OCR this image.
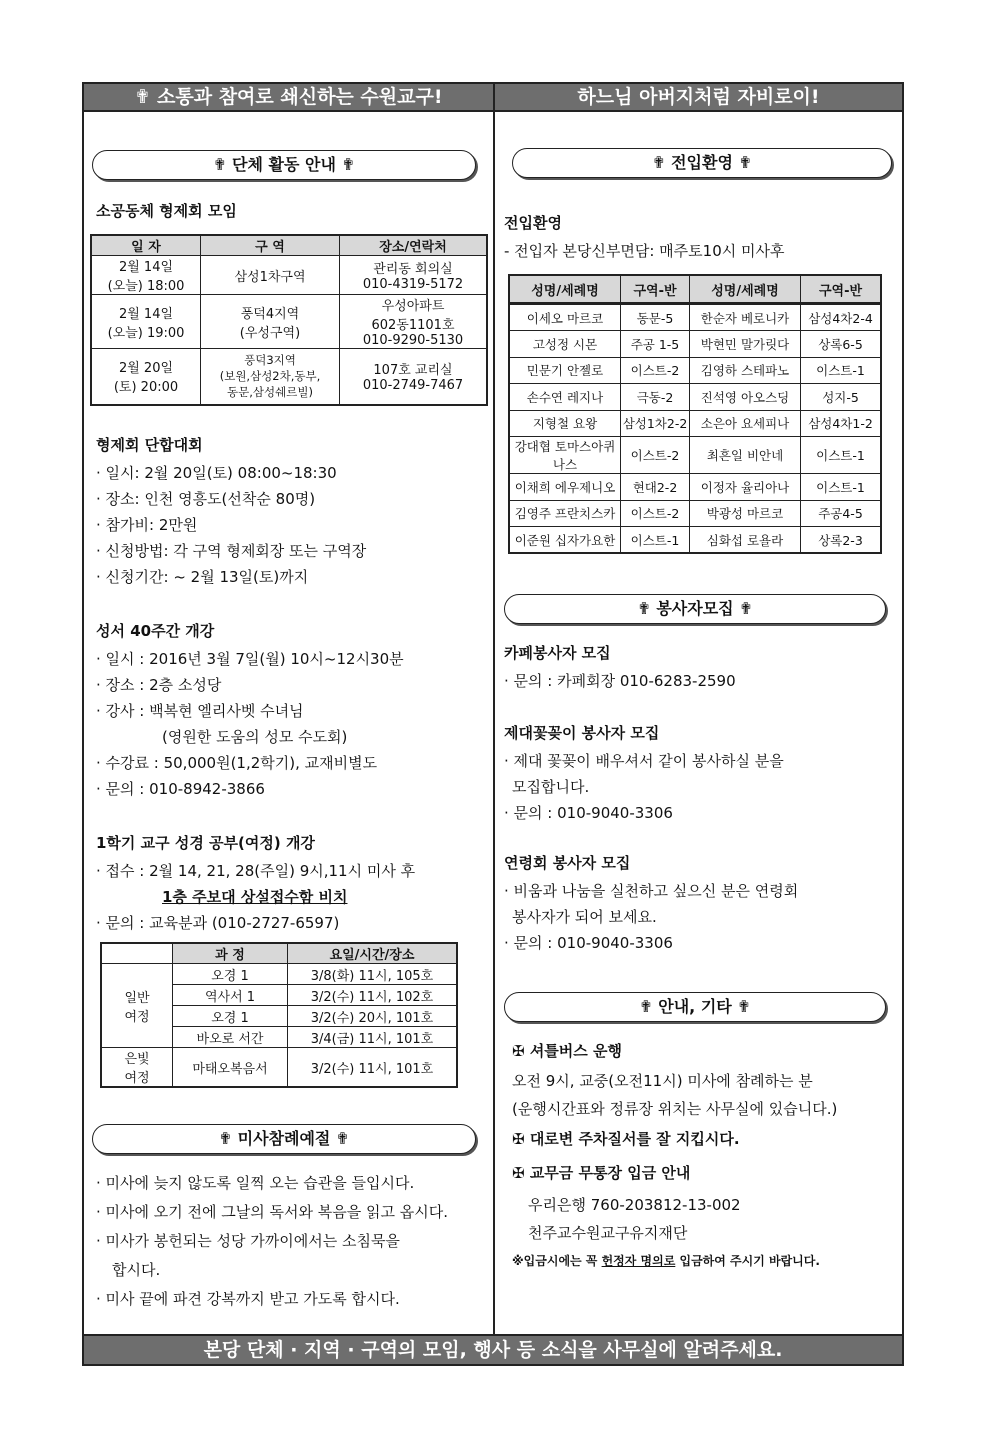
✟ 소통과 참여로 쇄신하는 수원교구!	하느님 아버지처럼 자비로이!
✟ 단체 활동 안내 ✟
소공동체 형제회 모임
일 자	구 역	장소/연락처
2월 14일
(오늘) 18:00	삼성1차구역	관리동 회의실
010-4319-5172
2월 14일
(오늘) 19:00	풍덕4지역
(우성구역)	우성아파트
602동1101호
010-9290-5130
2월 20일
(토) 20:00	풍덕3지역
(보원,삼성2차,동부,
동문,삼성쉐르빌)	107호 교리실
010-2749-7467
형제회 단합대회
· 일시: 2월 20일(토) 08:00~18:30
· 장소: 인천 영흥도(선착순 80명)
· 참가비: 2만원
· 신청방법: 각 구역 형제회장 또는 구역장
· 신청기간: ~ 2월 13일(토)까지
성서 40주간 개강
· 일시 : 2016년 3월 7일(월) 10시~12시30분
· 장소 : 2층 소성당
· 강사 : 백복현 엘리사벳 수녀님
(영원한 도움의 성모 수도회)
· 수강료 : 50,000원(1,2학기), 교재비별도
· 문의 : 010-8942-3866
1학기 교구 성경 공부(여정) 개강
· 접수 : 2월 14, 21, 28(주일) 9시,11시 미사 후
1층 주보대 상설접수함 비치
· 문의 : 교육분과 (010-2727-6597)
	과 정	요일/시간/장소
일반
여정	오경 1	3/8(화) 11시, 105호
	역사서 1	3/2(수) 11시, 102호
	오경 1	3/2(수) 20시, 101호
	바오로 서간	3/4(금) 11시, 101호
은빛
여정	마태오복음서	3/2(수) 11시, 101호
✟ 미사참례예절 ✟
· 미사에 늦지 않도록 일찍 오는 습관을 들입시다.
· 미사에 오기 전에 그날의 독서와 복음을 읽고 옵시다.
· 미사가 봉헌되는 성당 가까이에서는 소침묵을
합시다.
· 미사 끝에 파견 강복까지 받고 가도록 합시다.
✟ 전입환영 ✟
전입환영
- 전입자 본당신부면담: 매주토10시 미사후
성명/세례명	구역-반	성명/세례명	구역-반
이세오 마르코	동문-5	한순자 베로니카	삼성4차2-4
고성정 시몬	주공 1-5	박현민 말가릿다	상록6-5
민문기 안젤로	이스트-2	김영하 스테파노	이스트-1
손수연 레지나	극동-2	진석영 아오스딩	성지-5
지형철 요왕	삼성1차2-2	소은아 요세피나	삼성4차1-2
강대협 토마스아퀴나스	이스트-2	최흔일 비안네	이스트-1
이채희 에우제니오	현대2-2	이정자 율리아나	이스트-1
김영주 프란치스카	이스트-2	박광성 마르코	주공4-5
이준원 십자가요한	이스트-1	심화섭 로욜라	상록2-3
✟ 봉사자모집 ✟
카페봉사자 모집
· 문의 : 카페회장 010-6283-2590
제대꽃꽂이 봉사자 모집
· 제대 꽃꽂이 배우셔서 같이 봉사하실 분을
모집합니다.
· 문의 : 010-9040-3306
연령회 봉사자 모집
· 비움과 나눔을 실천하고 싶으신 분은 연령회
봉사자가 되어 보세요.
· 문의 : 010-9040-3306
✟ 안내, 기타 ✟
✠ 셔틀버스 운행
오전 9시, 교중(오전11시) 미사에 참례하는 분
(운행시간표와 정류장 위치는 사무실에 있습니다.)
✠ 대로변 주차질서를 잘 지킵시다.
✠ 교무금 무통장 입금 안내
우리은행 760-203812-13-002
천주교수원교구유지재단
※입금시에는 꼭 헌정자 명의로 입금하여 주시기 바랍니다.
본당 단체 · 지역 · 구역의 모임, 행사 등 소식을 사무실에 알려주세요.
